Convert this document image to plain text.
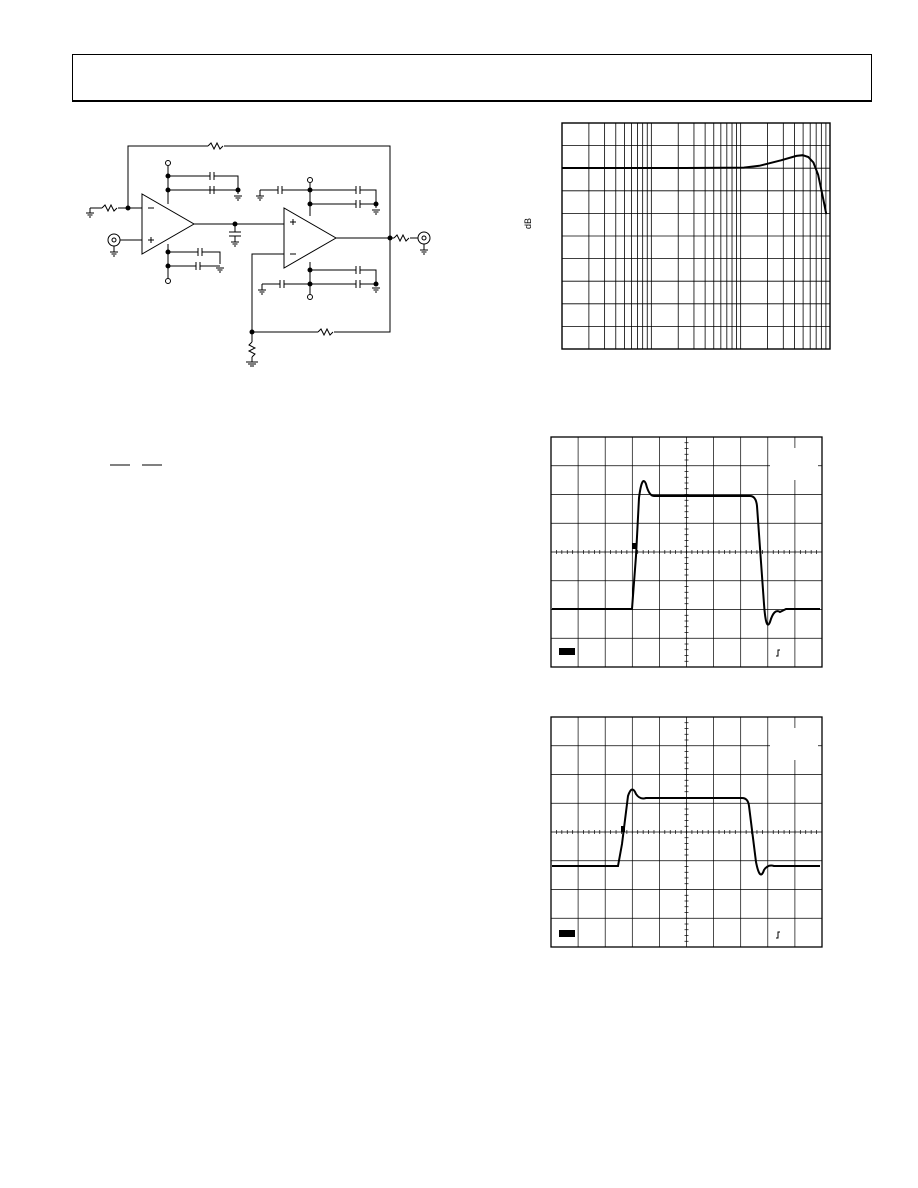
dB
